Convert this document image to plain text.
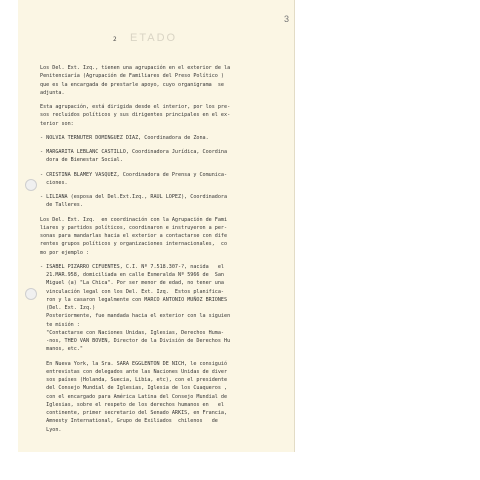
3
ETADO
2
Los Del. Ext. Izq., tienen una agrupación en el exterior de la
Penitenciaría (Agrupación de Familiares del Preso Político )
que es la encargada de prestarle apoyo, cuyo organigrama  se
adjunta.
Esta agrupación, está dirigida desde el interior, por los pre-
sos recluidos políticos y sus dirigentes principales en el ex-
terior son:
- NOLVIA TERNUTER DOMINGUEZ DIAZ, Coordinadora de Zona.
- MARGARITA LEBLANC CASTILLO, Coordinadora Jurídica, Coordina
dora de Bienestar Social.
- CRISTINA BLAMEY VASQUEZ, Coordinadora de Prensa y Comunica-
ciones.
- LILIANA (esposa del Del.Ext.Izq., RAUL LOPEZ), Coordinadora
de Talleres.
Los Del. Ext. Izq.  en coordinación con la Agrupación de Fami
liares y partidos políticos, coordinaron e instruyeron a per-
sonas para mandarlas hacia el exterior a contactarse con dife
rentes grupos políticos y organizaciones internacionales,  co
mo por ejemplo :
- ISABEL PIZARRO CIFUENTES, C.I. Nº 7.518.307-?, nacida   el
21.MAR.958, domiciliada en calle Esmeralda Nº 5966 de  San
Miguel (a) "La Chica". Por ser menor de edad, no tener una
vinculación legal con los Del. Ext. Izq.  Estos planifica-
ron y la casaron legalmente con MARCO ANTONIO MUÑOZ BRIONES
(Del. Ext. Izq.)
Posteriormente, fue mandada hacia el exterior con la siguien
te misión :
"Contactarse con Naciones Unidas, Iglesias, Derechos Huma-
-nos, THEO VAN BOVEN, Director de la División de Derechos Hu
manos, etc."
En Nueva York, la Sra. SARA EGGLENTON DE NICH, le consiguió
entrevistas con delegados ante las Naciones Unidas de diver
sos países (Holanda, Suecia, Libia, etc), con el presidente
del Consejo Mundial de Iglesias, Iglesia de los Cuaqueros ,
con el encargado para América Latina del Consejo Mundial de
Iglesias, sobre el respeto de los derechos humanos en   el
continente, primer secretario del Senado ARKIS, en Francia,
Amnesty International, Grupo de Exiliados  chilenos   de
Lyon.
